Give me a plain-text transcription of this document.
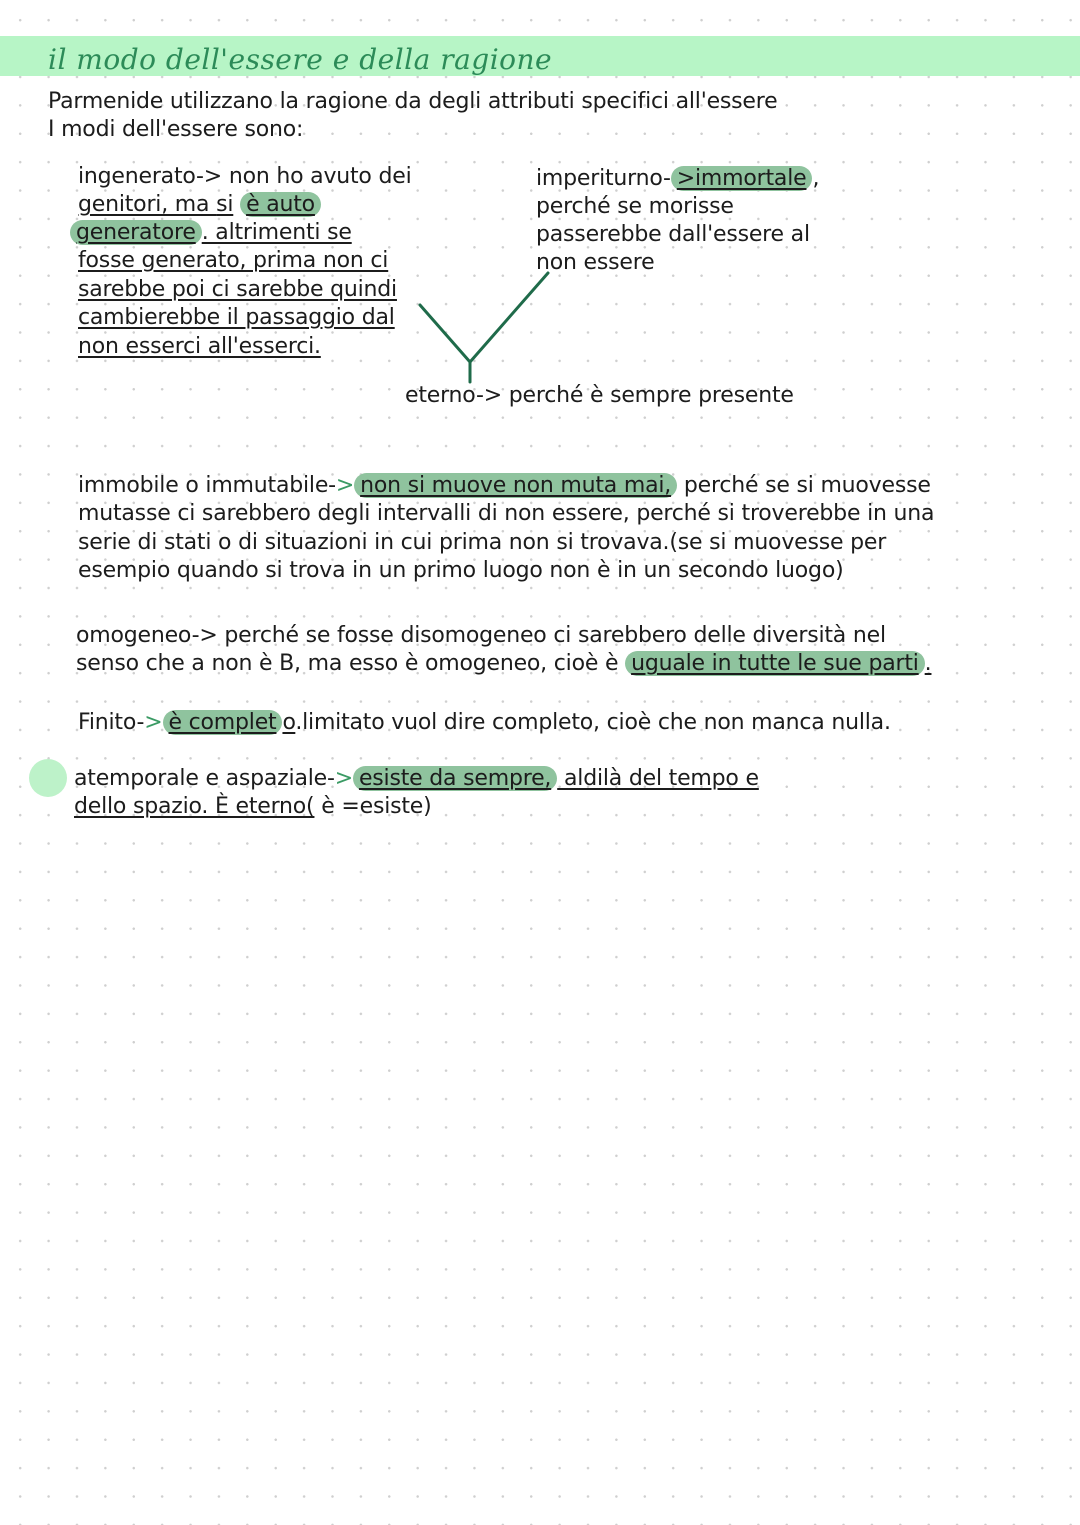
il modo dell'essere e della ragione

Parmenide utilizzano la ragione da degli attributi specifici all'essere

I modi dell'essere sono:

ingenerato-> non ho avuto dei

genitori, ma si è auto

generatore . altrimenti se

fosse generato, prima non ci

sarebbe poi ci sarebbe quindi

cambierebbe il passaggio dal

non esserci all'esserci.

imperiturno- >immortale ,

perché se morisse

passerebbe dall'essere al

non essere

eterno-> perché è sempre presente

immobile o immutabile-> non si muove non muta mai, perché se si muovesse

mutasse ci sarebbero degli intervalli di non essere, perché si troverebbe in una

serie di stati o di situazioni in cui prima non si trovava.(se si muovesse per

esempio quando si trova in un primo luogo non è in un secondo luogo)

omogeneo-> perché se fosse disomogeneo ci sarebbero delle diversità nel

senso che a non è B, ma esso è omogeneo, cioè è uguale in tutte le sue parti .

Finito-> è complet o.limitato vuol dire completo, cioè che non manca nulla.

atemporale e aspaziale-> esiste da sempre, aldilà del tempo e

dello spazio. È eterno( è =esiste)
